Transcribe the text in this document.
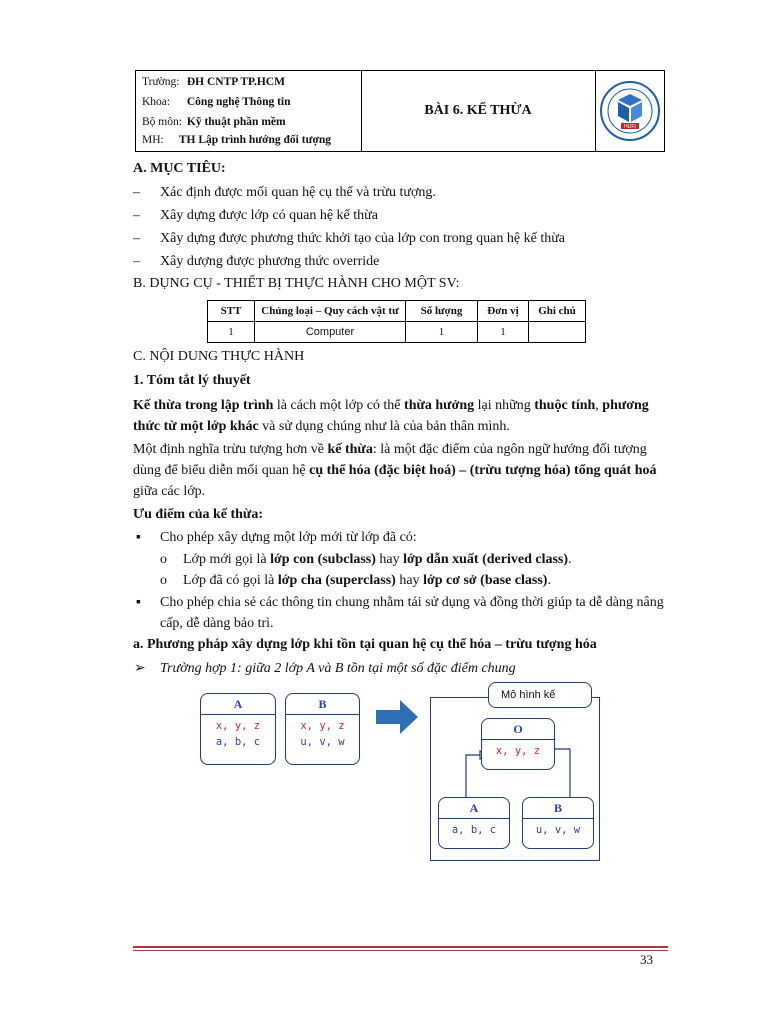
Trường: ĐH CNTP TP.HCM
Khoa: Công nghệ Thông tin
Bộ môn: Kỹ thuật phần mềm
MH: TH Lập trình hướng đối tượng
BÀI 6. KẾ THỪA
HUFI
A. MỤC TIÊU:
– Xác định được mối quan hệ cụ thể và trừu tượng.
– Xây dựng được lớp có quan hệ kế thừa
– Xây dựng được phương thức khởi tạo của lớp con trong quan hệ kế thừa
– Xây dượng được phương thức override
B. DỤNG CỤ - THIẾT BỊ THỰC HÀNH CHO MỘT SV:
STT	Chủng loại – Quy cách vật tư	Số lượng	Đơn vị	Ghi chú
1	Computer	1	1	
C. NỘI DUNG THỰC HÀNH
1. Tóm tắt lý thuyết
Kế thừa trong lập trình là cách một lớp có thể thừa hưởng lại những thuộc tính, phương thức từ một lớp khác và sử dụng chúng như là của bản thân mình.
Một định nghĩa trừu tượng hơn về kế thừa: là một đặc điểm của ngôn ngữ hướng đối tượng dùng để biểu diễn mối quan hệ cụ thể hóa (đặc biệt hoá) – (trừu tượng hóa) tổng quát hoá giữa các lớp.
Ưu điểm của kế thừa:
▪ Cho phép xây dựng một lớp mới từ lớp đã có:
o Lớp mới gọi là lớp con (subclass) hay lớp dẫn xuất (derived class).
o Lớp đã có gọi là lớp cha (superclass) hay lớp cơ sở (base class).
▪ Cho phép chia sẻ các thông tin chung nhằm tái sử dụng và đồng thời giúp ta dễ dàng nâng cấp, dễ dàng bảo trì.
a. Phương pháp xây dựng lớp khi tồn tại quan hệ cụ thể hóa – trừu tượng hóa
➢ Trường hợp 1: giữa 2 lớp A và B tồn tại một số đặc điểm chung
A
x, y, z
a, b, c
B
x, y, z
u, v, w
Mô hình kế
O
x, y, z
A
a, b, c
B
u, v, w
33
